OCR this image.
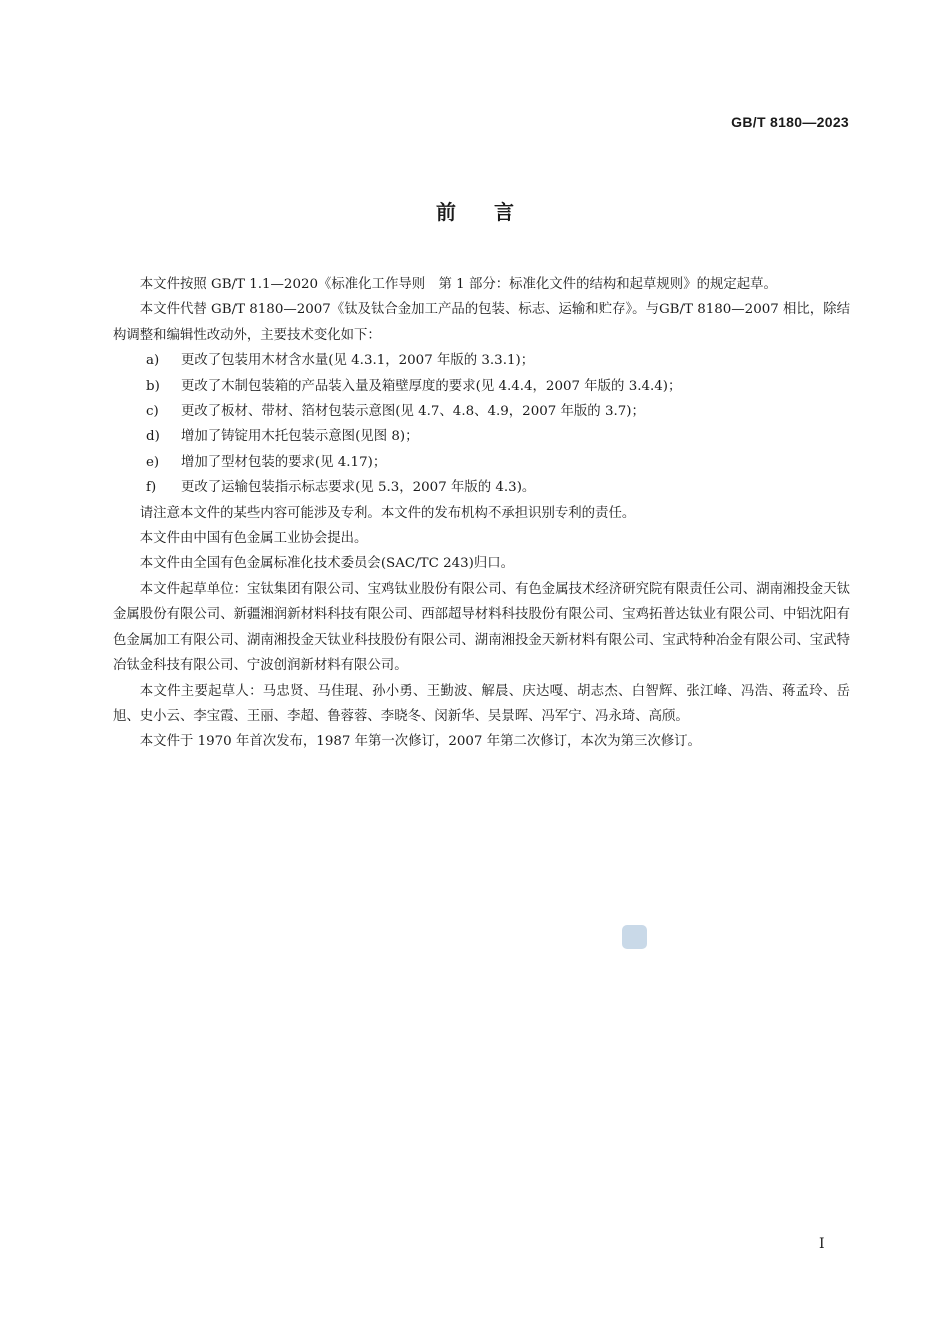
GB/T 8180—2023
前言

本文件按照 GB/T 1.1—2020《标准化工作导则　第 1 部分：标准化文件的结构和起草规则》的规定起草。

本文件代替 GB/T 8180—2007《钛及钛合金加工产品的包装、标志、运输和贮存》。与GB/T 8180—2007 相比，除结构调整和编辑性改动外，主要技术变化如下：

a) 更改了包装用木材含水量(见 4.3.1，2007 年版的 3.3.1)；
b) 更改了木制包装箱的产品装入量及箱壁厚度的要求(见 4.4.4，2007 年版的 3.4.4)；
c) 更改了板材、带材、箔材包装示意图(见 4.7、4.8、4.9，2007 年版的 3.7)；
d) 增加了铸锭用木托包装示意图(见图 8)；
e) 增加了型材包装的要求(见 4.17)；
f) 更改了运输包装指示标志要求(见 5.3，2007 年版的 4.3)。

请注意本文件的某些内容可能涉及专利。本文件的发布机构不承担识别专利的责任。

本文件由中国有色金属工业协会提出。

本文件由全国有色金属标准化技术委员会(SAC/TC 243)归口。

本文件起草单位：宝钛集团有限公司、宝鸡钛业股份有限公司、有色金属技术经济研究院有限责任公司、湖南湘投金天钛金属股份有限公司、新疆湘润新材料科技有限公司、西部超导材料科技股份有限公司、宝鸡拓普达钛业有限公司、中铝沈阳有色金属加工有限公司、湖南湘投金天钛业科技股份有限公司、湖南湘投金天新材料有限公司、宝武特种冶金有限公司、宝武特冶钛金科技有限公司、宁波创润新材料有限公司。

本文件主要起草人：马忠贤、马佳琨、孙小勇、王勤波、解晨、庆达嘎、胡志杰、白智辉、张江峰、冯浩、蒋孟玲、岳旭、史小云、李宝霞、王丽、李超、鲁蓉蓉、李晓冬、闵新华、吴景晖、冯军宁、冯永琦、高颀。

本文件于 1970 年首次发布，1987 年第一次修订，2007 年第二次修订，本次为第三次修订。

I
